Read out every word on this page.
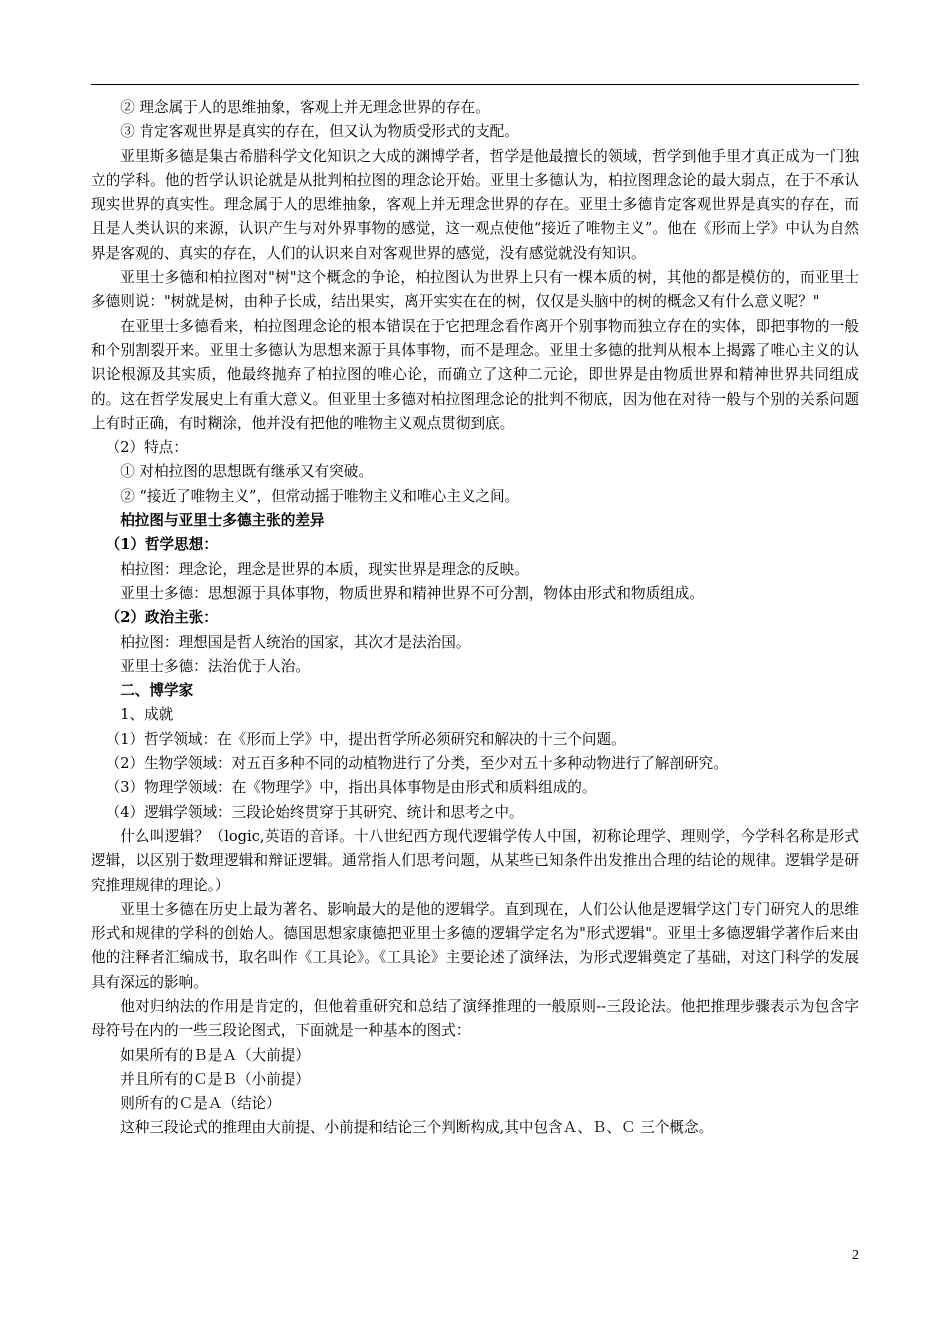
② 理念属于人的思维抽象，客观上并无理念世界的存在。

③ 肯定客观世界是真实的存在，但又认为物质受形式的支配。

亚里斯多德是集古希腊科学文化知识之大成的渊博学者，哲学是他最擅长的领域，哲学到他手里才真正成为一门独立的学科。他的哲学认识论就是从批判柏拉图的理念论开始。亚里士多德认为，柏拉图理念论的最大弱点，在于不承认现实世界的真实性。理念属于人的思维抽象，客观上并无理念世界的存在。亚里士多德肯定客观世界是真实的存在，而且是人类认识的来源，认识产生与对外界事物的感觉，这一观点使他“接近了唯物主义”。他在《形而上学》中认为自然界是客观的、真实的存在，人们的认识来自对客观世界的感觉，没有感觉就没有知识。

亚里士多德和柏拉图对"树"这个概念的争论，柏拉图认为世界上只有一棵本质的树，其他的都是模仿的，而亚里士多德则说："树就是树，由种子长成，结出果实，离开实实在在的树，仅仅是头脑中的树的概念又有什么意义呢？"

在亚里士多德看来，柏拉图理念论的根本错误在于它把理念看作离开个别事物而独立存在的实体，即把事物的一般和个别割裂开来。亚里士多德认为思想来源于具体事物，而不是理念。亚里士多德的批判从根本上揭露了唯心主义的认识论根源及其实质，他最终抛弃了柏拉图的唯心论，而确立了这种二元论，即世界是由物质世界和精神世界共同组成的。这在哲学发展史上有重大意义。但亚里士多德对柏拉图理念论的批判不彻底，因为他在对待一般与个别的关系问题上有时正确，有时糊涂，他并没有把他的唯物主义观点贯彻到底。

（2）特点：

① 对柏拉图的思想既有继承又有突破。

② “接近了唯物主义”，但常动摇于唯物主义和唯心主义之间。

柏拉图与亚里士多德主张的差异

（1）哲学思想：

柏拉图：理念论，理念是世界的本质，现实世界是理念的反映。

亚里士多德：思想源于具体事物，物质世界和精神世界不可分割，物体由形式和物质组成。

（2）政治主张：

柏拉图：理想国是哲人统治的国家，其次才是法治国。

亚里士多德：法治优于人治。

二、博学家

1、成就

（1）哲学领域：在《形而上学》中，提出哲学所必须研究和解决的十三个问题。

（2）生物学领域：对五百多种不同的动植物进行了分类，至少对五十多种动物进行了解剖研究。

（3）物理学领域：在《物理学》中，指出具体事物是由形式和质料组成的。

（4）逻辑学领域：三段论始终贯穿于其研究、统计和思考之中。

什么叫逻辑？（logic,英语的音译。十八世纪西方现代逻辑学传人中国，初称论理学、理则学，今学科名称是形式逻辑，以区别于数理逻辑和辩证逻辑。通常指人们思考问题，从某些已知条件出发推出合理的结论的规律。逻辑学是研究推理规律的理论。）

亚里士多德在历史上最为著名、影响最大的是他的逻辑学。直到现在，人们公认他是逻辑学这门专门研究人的思维形式和规律的学科的创始人。德国思想家康德把亚里士多德的逻辑学定名为"形式逻辑"。亚里士多德逻辑学著作后来由他的注释者汇编成书，取名叫作《工具论》。《工具论》主要论述了演绎法，为形式逻辑奠定了基础，对这门科学的发展具有深远的影响。

他对归纳法的作用是肯定的，但他着重研究和总结了演绎推理的一般原则--三段论法。他把推理步骤表示为包含字母符号在内的一些三段论图式，下面就是一种基本的图式：

如果所有的Ｂ是Ａ（大前提）

并且所有的Ｃ是Ｂ（小前提）

则所有的Ｃ是Ａ（结论）

这种三段论式的推理由大前提、小前提和结论三个判断构成,其中包含Ａ、Ｂ、Ｃ 三个概念。

2
